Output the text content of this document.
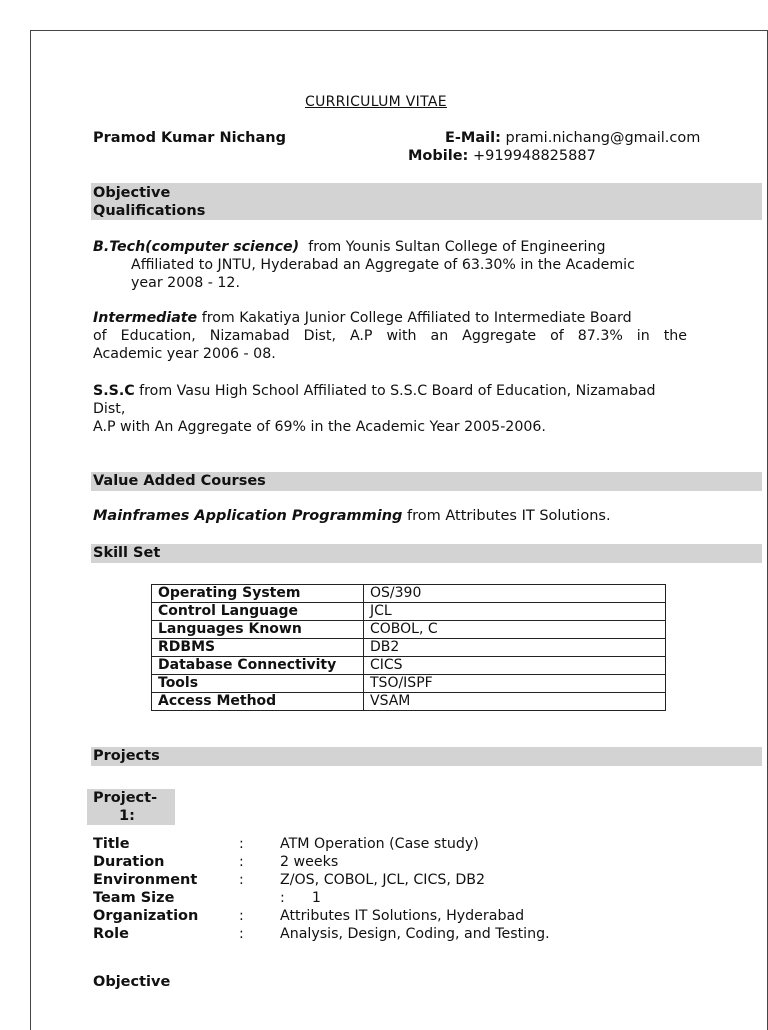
CURRICULUM VITAE
Pramod Kumar Nichang	E-Mail: prami.nichang@gmail.com
Mobile: +919948825887
Objective
Qualifications
B.Tech(computer science) from Younis Sultan College of Engineering
Affiliated to JNTU, Hyderabad an Aggregate of 63.30% in the Academic
year 2008 - 12.
Intermediate from Kakatiya Junior College Affiliated to Intermediate Board
of Education, Nizamabad Dist, A.P with an Aggregate of 87.3% in the
Academic year 2006 - 08.
S.S.C from Vasu High School Affiliated to S.S.C Board of Education, Nizamabad
Dist,
A.P with An Aggregate of 69% in the Academic Year 2005-2006.
Value Added Courses
Mainframes Application Programming from Attributes IT Solutions.
Skill Set
Operating System	OS/390
Control Language	JCL
Languages Known	COBOL, C
RDBMS	DB2
Database Connectivity	CICS
Tools	TSO/ISPF
Access Method	VSAM
Projects
Project-
1:
Title	:	ATM Operation (Case study)
Duration	:	2 weeks
Environment	:	Z/OS, COBOL, JCL, CICS, DB2
Team Size	:      1
Organization	:	Attributes IT Solutions, Hyderabad
Role	:	Analysis, Design, Coding, and Testing.
Objective
